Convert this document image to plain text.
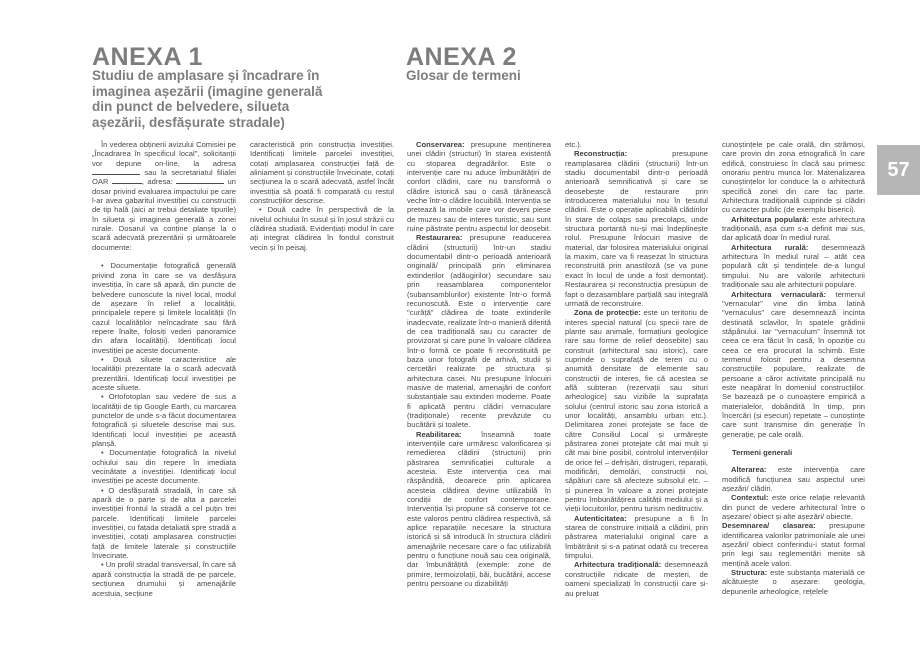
ANEXA 1
Studiu de amplasare și încadrare în
imaginea așezării (imagine generală
din punct de belvedere, silueta
așezării, desfășurate stradale)
ANEXA 2
Glosar de termeni
57

În vederea obținerii avizului Comisiei pe „Încadrarea în specificul local", solicitanții vor depune on-line, la adresa  sau la secretariatul filialei OAR	, adresa:	un dosar privind evaluarea impactului pe care l-ar avea gabaritul investiției cu construcții de tip hală (aici ar trebui detaliate tipurile) în silueta și imaginea generală a zonei rurale. Dosarul va conține planșe la o scară adecvată prezentării și următoarele documente:

• Documentație fotografică generală privind zona în care se va desfășura investiția, în care să apară, din puncte de belvedere cunoscute la nivel local, modul de așezare în relief a localității, principalele repere și limitele localității (în cazul localităților neîncadrate sau fără repere înalte, folosiți vederi panoramice din afara localității). Identificați locul investiției pe aceste documente.

• Două siluete caracteristice ale localității prezentate la o scară adecvată prezentării. Identificați locul investiției pe aceste siluete.

• Ortofotoplan sau vedere de sus a localității de tip Google Earth, cu marcarea punctelor de unde s-a făcut documentarea fotografică și siluetele descrise mai sus. Identificați locul investiției pe această planșă.

• Documentație fotografică la nivelul ochiului sau din repere în imediata vecinătate a investiției. Identificați locul investiției pe aceste documente.

• O desfășurată stradală, în care să apară de o parte și de alta a parcelei investiției frontul la stradă a cel puțin trei parcele. Identificați limitele parcelei investiției, cu fațada detaliată spre stradă a investiției, cotați amplasarea construcției față de limitele laterale și construcțiile învecinate.

• Un profil stradal transversal, în care să apară construcția la stradă de pe parcele, secțiunea drumului și amenajările acestuia, secțiune

caracteristică prin construcția investiției. Identificați limitele parcelei investiției, cotați amplasarea construcției față de aliniament și construcțiile învecinate, cotați secțiunea la o scară adecvată, astfel încât investiția să poată fi comparată cu restul construcțiilor descrise.

• Două cadre în perspectivă de la nivelul ochiului în susul și în josul străzii cu clădirea studiată. Evidențiați modul în care ați integrat clădirea în fondul construit vecin și în peisaj.

Conservarea: presupune menținerea unei clădiri (structuri) în starea existentă cu stoparea degradărilor. Este o intervenție care nu aduce îmbunătățiri de confort clădirii, care nu transformă o clădire istorică sau o casă țărănească veche într-o clădire locuibilă. Intervenția se pretează la imobile care vor deveni piese de muzeu sau de interes turistic, sau sunt ruine păstrate pentru aspectul lor deosebit.

Restaurarea: presupune readucerea clădirii (structurii) într-un stadiu documentabil dintr-o perioadă anterioară originală/ principală prin eliminarea extinderilor (adăugirilor) secundare sau prin reasamblarea componentelor (subansamblurilor) existente într-o formă recunoscută. Este o intervenție care "curăță" clădirea de toate extinderile inadecvate, realizate într-o manieră diferită de cea tradițională sau cu caracter de provizorat și care pune în valoare clădirea într-o formă ce poate fi reconstituită pe baza unor fotografii de arhivă, studii și cercetări realizate pe structura și arhitectura casei. Nu presupune înlocuiri masive de material, amenajări de confort substanțiale sau extinderi moderne. Poate fi aplicată pentru clădiri vernaculare (tradiționale) recente prevăzute cu bucătării și toalete.

Reabilitarea:	înseamnă toate intervențiile care urmăresc valorificarea și remedierea clădirii (structurii) prin păstrarea semnificației culturale a acesteia. Este intervenția cea mai răspândită, deoarece prin aplicarea acesteia clădirea devine utilizabilă în condiții de confort contemporane. Intervenția își propune să conserve tot ce este valoros pentru clădirea respectivă, să aplice reparațiile necesare la structura istorică și să introducă în structura clădirii amenajările necesare care o fac utilizabilă pentru o funcțiune nouă sau cea originală, dar îmbunătățită (exemple: zone de primire, termoizolații, băi, bucătării, accese pentru persoane cu dizabilități

etc.).

Reconstrucția:	presupune reamplasarea clădirii (structurii) într-un stadiu documentabil dintr-o perioadă anterioară semnificativă și care se deosebește de restaurare prin introducerea materialului nou în țesutul clădirii. Este o operație aplicabilă clădirilor în stare de colaps sau precolaps, unde structura portantă nu-și mai îndeplinește rolul. Presupune înlocuiri masive de material, dar folosirea materialului original la maxim, care va fi reașezat în structura reconstruită prin anastiloză (se va pune exact în locul de unde a fost demontat). Restaurarea și reconstrucția presupun de fapt o dezasamblare parțială sau integrală urmată de reconstruire.

Zona de protecție: este un teritoriu de interes special natural (cu specii rare de plante sau animale, formațiuni geologice rare sau forme de relief deosebite) sau construit (arhitectural sau istoric), care cuprinde o suprafață de teren cu o anumită densitate de elemente sau construcții de interes, fie că acestea se află subteran (rezervații sau situri arheologice) sau vizibile la suprafața solului (centrul istoric sau zona istorică a unor localități, ansamblu urban etc.). Delimitarea zonei protejate se face de către Consiliul Local și urmărește păstrarea zonei protejate cât mai mult și cât mai bine posibil, controlul intervențiilor de orice fel – defrișări, distrugeri, reparații, modificări, demolări, construcții noi, săpături care să afecteze subsolul etc. – și punerea în valoare a zonei protejate pentru îmbunătățirea calității mediului și a vieții locuitorilor, pentru turism neditructiv.

Autenticitatea: presupune a fi în starea de construire inițială a clădirii, prin păstrarea materialului original care a îmbătrânit și s-a patinat odată cu trecerea timpului.

Arhitectura tradițională: desemnează construcțiile ridicate de meșteri, de oameni specializați în construcții care și-au preluat

cunoștințele pe cale orală, din strămoși, care provin din zona etnografică în care edifică, construiesc în clacă sau primesc onorariu pentru munca lor. Materializarea cunoștințelor lor conduce la o arhitectură specifică zonei din care fac parte. Arhitectura tradițională cuprinde și clădiri cu caracter public (de exemplu biserici).

Arhitectura populară: este arhitectura tradițională, așa cum s-a definit mai sus, dar aplicată doar în mediul rural.

Arhitectura rurală: desemnează arhitectura în mediul rural – atât cea populară cât și tendințele de-a lungul timpului. Nu are valorile arhitecturii tradiționale sau ale arhitecturii populare.

Arhitectura vernaculară: termenul "vernacular" vine din limba latină "vernaculus" care desemnează incinta destinată sclavilor, în spatele grădinii stăpânului. Iar "vernaculum" însemnă tot ceea ce era făcut în casă, în opoziție cu ceea ce era procurat la schimb. Este termenul folosit pentru a desemna construcțiile populare, realizate de persoane a căror activitate principală nu este neapărat în domeniul construcțiilor. Se bazează pe o cunoaștere empirică a materialelor, dobândită în timp, prin încercări (și eșecuri) repetate – cunoștințe care sunt transmise din generație în generație, pe cale orală.

Termeni generali

Alterarea: este intervenția care modifică funcțiunea sau aspectul unei așezări/ clădiri.

Contextul: este orice relație relevantă din punct de vedere arhitectural între o așezare/ obiect și alte așezări/ obiecte.

Desemnarea/ clasarea: presupune identificarea valorilor patrimoniale ale unei așezări/ obiect conferindu-i statut formal prin legi sau reglementări menite să mențină acele valori.

Structura: este substanța materială ce alcătuiește o așezare: geologia, depunerile arheologice, rețelele
